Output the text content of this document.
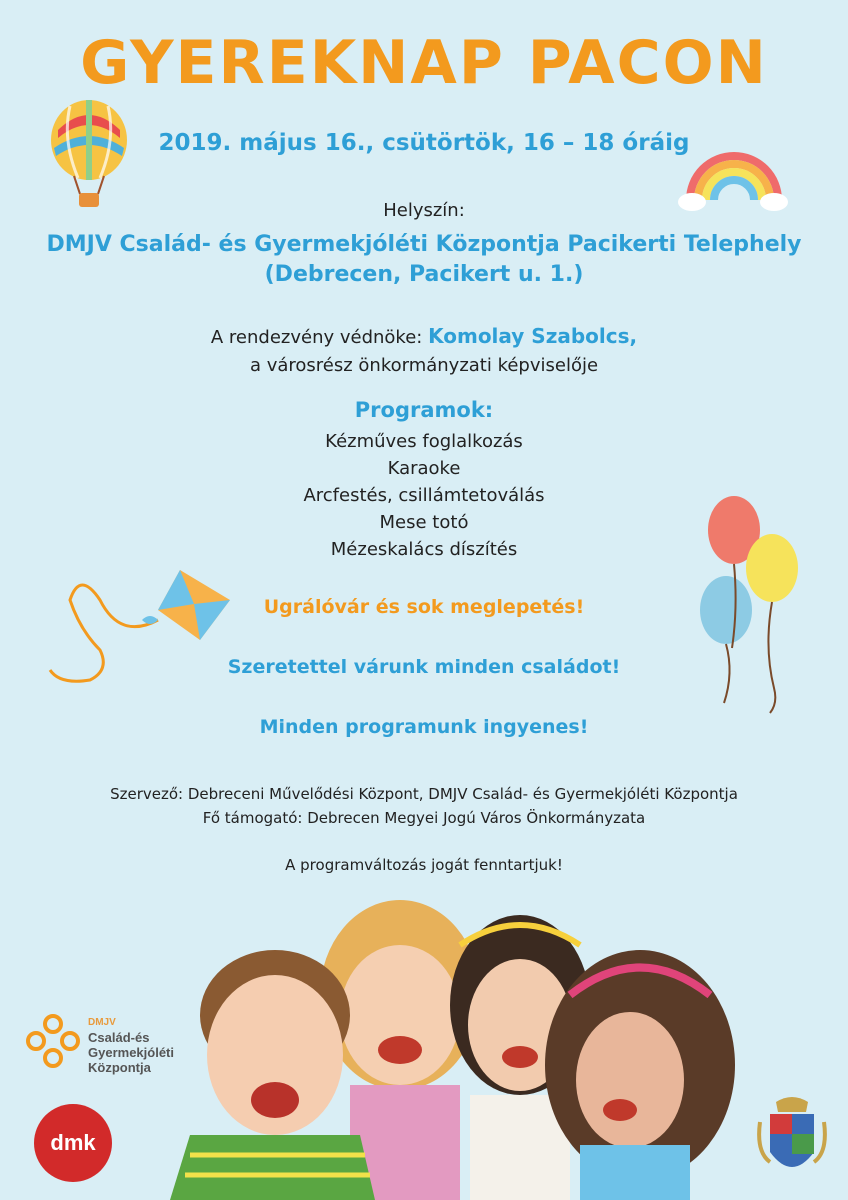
GYEREKNAP PACON
2019. május 16., csütörtök, 16 – 18 óráig
Helyszín:
DMJV Család- és Gyermekjóléti Központja Pacikerti Telephely
(Debrecen, Pacikert u. 1.)
A rendezvény védnöke: Komolay Szabolcs,
a városrész önkormányzati képviselője
Programok:
Kézműves foglalkozás
Karaoke
Arcfestés, csillámtetoválás
Mese totó
Mézeskalács díszítés
Ugrálóvár és sok meglepetés!
Szeretettel várunk minden családot!
Minden programunk ingyenes!
Szervező: Debreceni Művelődési Központ, DMJV Család- és Gyermekjóléti Központja
Fő támogató: Debrecen Megyei Jogú Város Önkormányzata
A programváltozás jogát fenntartjuk!
DMJV
Család-és
Gyermekjóléti
Központja
dmk
